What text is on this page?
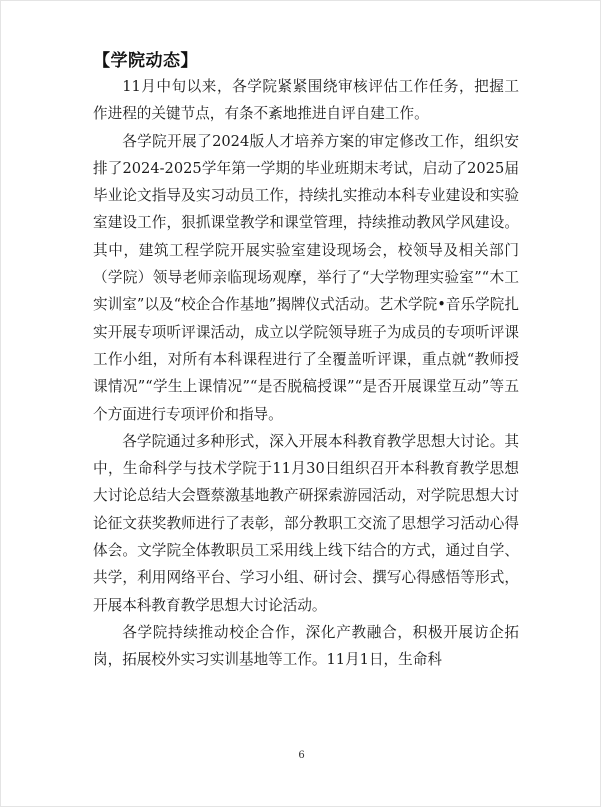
【学院动态】

11月中旬以来，各学院紧紧围绕审核评估工作任务，把握工作进程的关键节点，有条不紊地推进自评自建工作。

各学院开展了2024版人才培养方案的审定修改工作，组织安排了2024-2025学年第一学期的毕业班期末考试，启动了2025届毕业论文指导及实习动员工作，持续扎实推动本科专业建设和实验室建设工作，狠抓课堂教学和课堂管理，持续推动教风学风建设。其中，建筑工程学院开展实验室建设现场会，校领导及相关部门（学院）领导老师亲临现场观摩，举行了“大学物理实验室”“木工实训室”以及“校企合作基地”揭牌仪式活动。艺术学院•音乐学院扎实开展专项听评课活动，成立以学院领导班子为成员的专项听评课工作小组，对所有本科课程进行了全覆盖听评课，重点就“教师授课情况”“学生上课情况”“是否脱稿授课”“是否开展课堂互动”等五个方面进行专项评价和指导。

各学院通过多种形式，深入开展本科教育教学思想大讨论。其中，生命科学与技术学院于11月30日组织召开本科教育教学思想大讨论总结大会暨蔡激基地教产研探索游园活动，对学院思想大讨论征文获奖教师进行了表彰，部分教职工交流了思想学习活动心得体会。文学院全体教职员工采用线上线下结合的方式，通过自学、共学，利用网络平台、学习小组、研讨会、撰写心得感悟等形式，开展本科教育教学思想大讨论活动。

各学院持续推动校企合作，深化产教融合，积极开展访企拓岗，拓展校外实习实训基地等工作。11月1日，生命科

6
